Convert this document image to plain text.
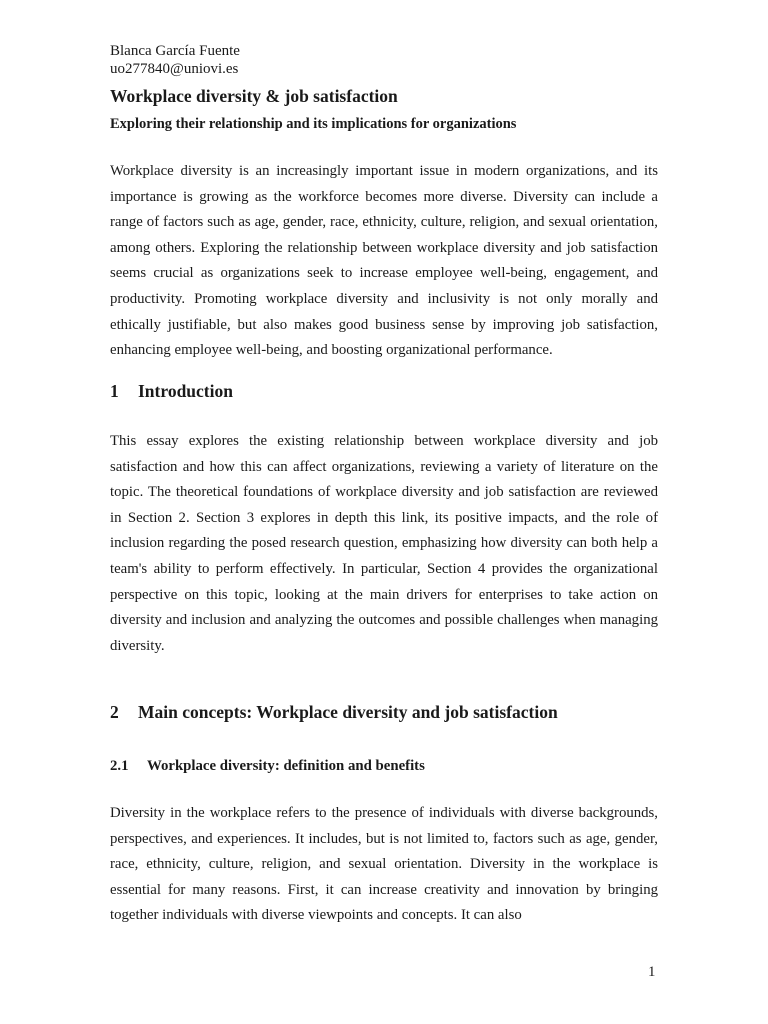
Blanca García Fuente
uo277840@uniovi.es
Workplace diversity & job satisfaction
Exploring their relationship and its implications for organizations

Workplace diversity is an increasingly important issue in modern organizations, and its importance is growing as the workforce becomes more diverse. Diversity can include a range of factors such as age, gender, race, ethnicity, culture, religion, and sexual orientation, among others. Exploring the relationship between workplace diversity and job satisfaction seems crucial as organizations seek to increase employee well-being, engagement, and productivity. Promoting workplace diversity and inclusivity is not only morally and ethically justifiable, but also makes good business sense by improving job satisfaction, enhancing employee well-being, and boosting organizational performance.

1 Introduction

This essay explores the existing relationship between workplace diversity and job satisfaction and how this can affect organizations, reviewing a variety of literature on the topic. The theoretical foundations of workplace diversity and job satisfaction are reviewed in Section 2. Section 3 explores in depth this link, its positive impacts, and the role of inclusion regarding the posed research question, emphasizing how diversity can both help a team's ability to perform effectively. In particular, Section 4 provides the organizational perspective on this topic, looking at the main drivers for enterprises to take action on diversity and inclusion and analyzing the outcomes and possible challenges when managing diversity.

2 Main concepts: Workplace diversity and job satisfaction
2.1 Workplace diversity: definition and benefits

Diversity in the workplace refers to the presence of individuals with diverse backgrounds, perspectives, and experiences. It includes, but is not limited to, factors such as age, gender, race, ethnicity, culture, religion, and sexual orientation. Diversity in the workplace is essential for many reasons. First, it can increase creativity and innovation by bringing together individuals with diverse viewpoints and concepts. It can also

1
